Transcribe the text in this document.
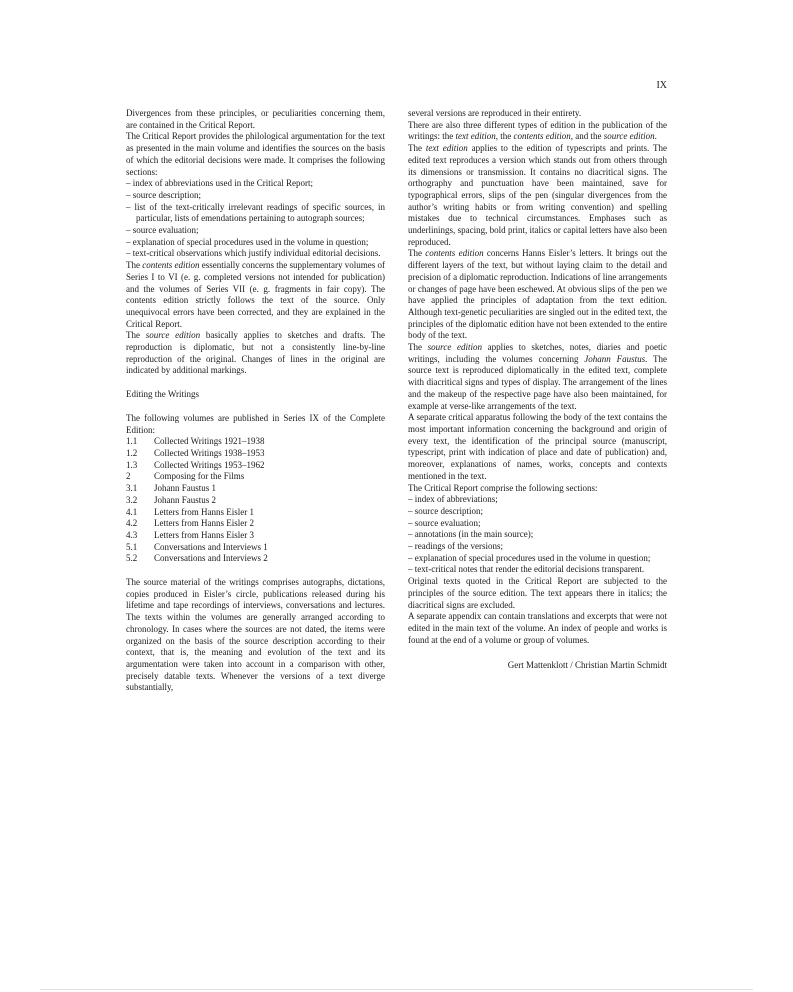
IX

Divergences from these principles, or peculiarities concerning them, are contained in the Critical Report.

The Critical Report provides the philological argumentation for the text as presented in the main volume and identifies the sources on the basis of which the editorial decisions were made. It comprises the following sections:

– index of abbreviations used in the Critical Report;
– source description;
– list of the text-critically irrelevant readings of specific sources, in particular, lists of emendations pertaining to autograph sources;
– source evaluation;
– explanation of special procedures used in the volume in question;
– text-critical observations which justify individual editorial decisions.

The contents edition essentially concerns the supplementary volumes of Series I to VI (e. g. completed versions not intended for publication) and the volumes of Series VII (e. g. fragments in fair copy). The contents edition strictly follows the text of the source. Only unequivocal errors have been corrected, and they are explained in the Critical Report.

The source edition basically applies to sketches and drafts. The reproduction is diplomatic, but not a consistently line-by-line reproduction of the original. Changes of lines in the original are indicated by additional markings.

Editing the Writings

The following volumes are published in Series IX of the Complete Edition:

1.1	Collected Writings 1921–1938
1.2	Collected Writings 1938–1953
1.3	Collected Writings 1953–1962
2	Composing for the Films
3.1	Johann Faustus 1
3.2	Johann Faustus 2
4.1	Letters from Hanns Eisler 1
4.2	Letters from Hanns Eisler 2
4.3	Letters from Hanns Eisler 3
5.1	Conversations and Interviews 1
5.2	Conversations and Interviews 2

The source material of the writings comprises autographs, dictations, copies produced in Eisler’s circle, publications released during his lifetime and tape recordings of interviews, conversations and lectures. The texts within the volumes are generally arranged according to chronology. In cases where the sources are not dated, the items were organized on the basis of the source description according to their context, that is, the meaning and evolution of the text and its argumentation were taken into account in a comparison with other, precisely datable texts. Whenever the versions of a text diverge substantially,

several versions are reproduced in their entirety.

There are also three different types of edition in the publication of the writings: the text edition, the contents edition, and the source edition.

The text edition applies to the edition of typescripts and prints. The edited text reproduces a version which stands out from others through its dimensions or transmission. It contains no diacritical signs. The orthography and punctuation have been maintained, save for typographical errors, slips of the pen (singular divergences from the author’s writing habits or from writing convention) and spelling mistakes due to technical circumstances. Emphases such as underlinings, spacing, bold print, italics or capital letters have also been reproduced.

The contents edition concerns Hanns Eisler’s letters. It brings out the different layers of the text, but without laying claim to the detail and precision of a diplomatic reproduction. Indications of line arrangements or changes of page have been eschewed. At obvious slips of the pen we have applied the principles of adaptation from the text edition. Although text-genetic peculiarities are singled out in the edited text, the principles of the diplomatic edition have not been extended to the entire body of the text.

The source edition applies to sketches, notes, diaries and poetic writings, including the volumes concerning Johann Faustus. The source text is reproduced diplomatically in the edited text, complete with diacritical signs and types of display. The arrangement of the lines and the makeup of the respective page have also been maintained, for example at verse-like arrangements of the text.

A separate critical apparatus following the body of the text contains the most important information concerning the background and origin of every text, the identification of the principal source (manuscript, typescript, print with indication of place and date of publication) and, moreover, explanations of names, works, concepts and contexts mentioned in the text.

The Critical Report comprise the following sections:

– index of abbreviations;
– source description;
– source evaluation;
– annotations (in the main source);
– readings of the versions;
– explanation of special procedures used in the volume in question;
– text-critical notes that render the editorial decisions transparent.

Original texts quoted in the Critical Report are subjected to the principles of the source edition. The text appears there in italics; the diacritical signs are excluded.

A separate appendix can contain translations and excerpts that were not edited in the main text of the volume. An index of people and works is found at the end of a volume or group of volumes.

Gert Mattenklott / Christian Martin Schmidt
